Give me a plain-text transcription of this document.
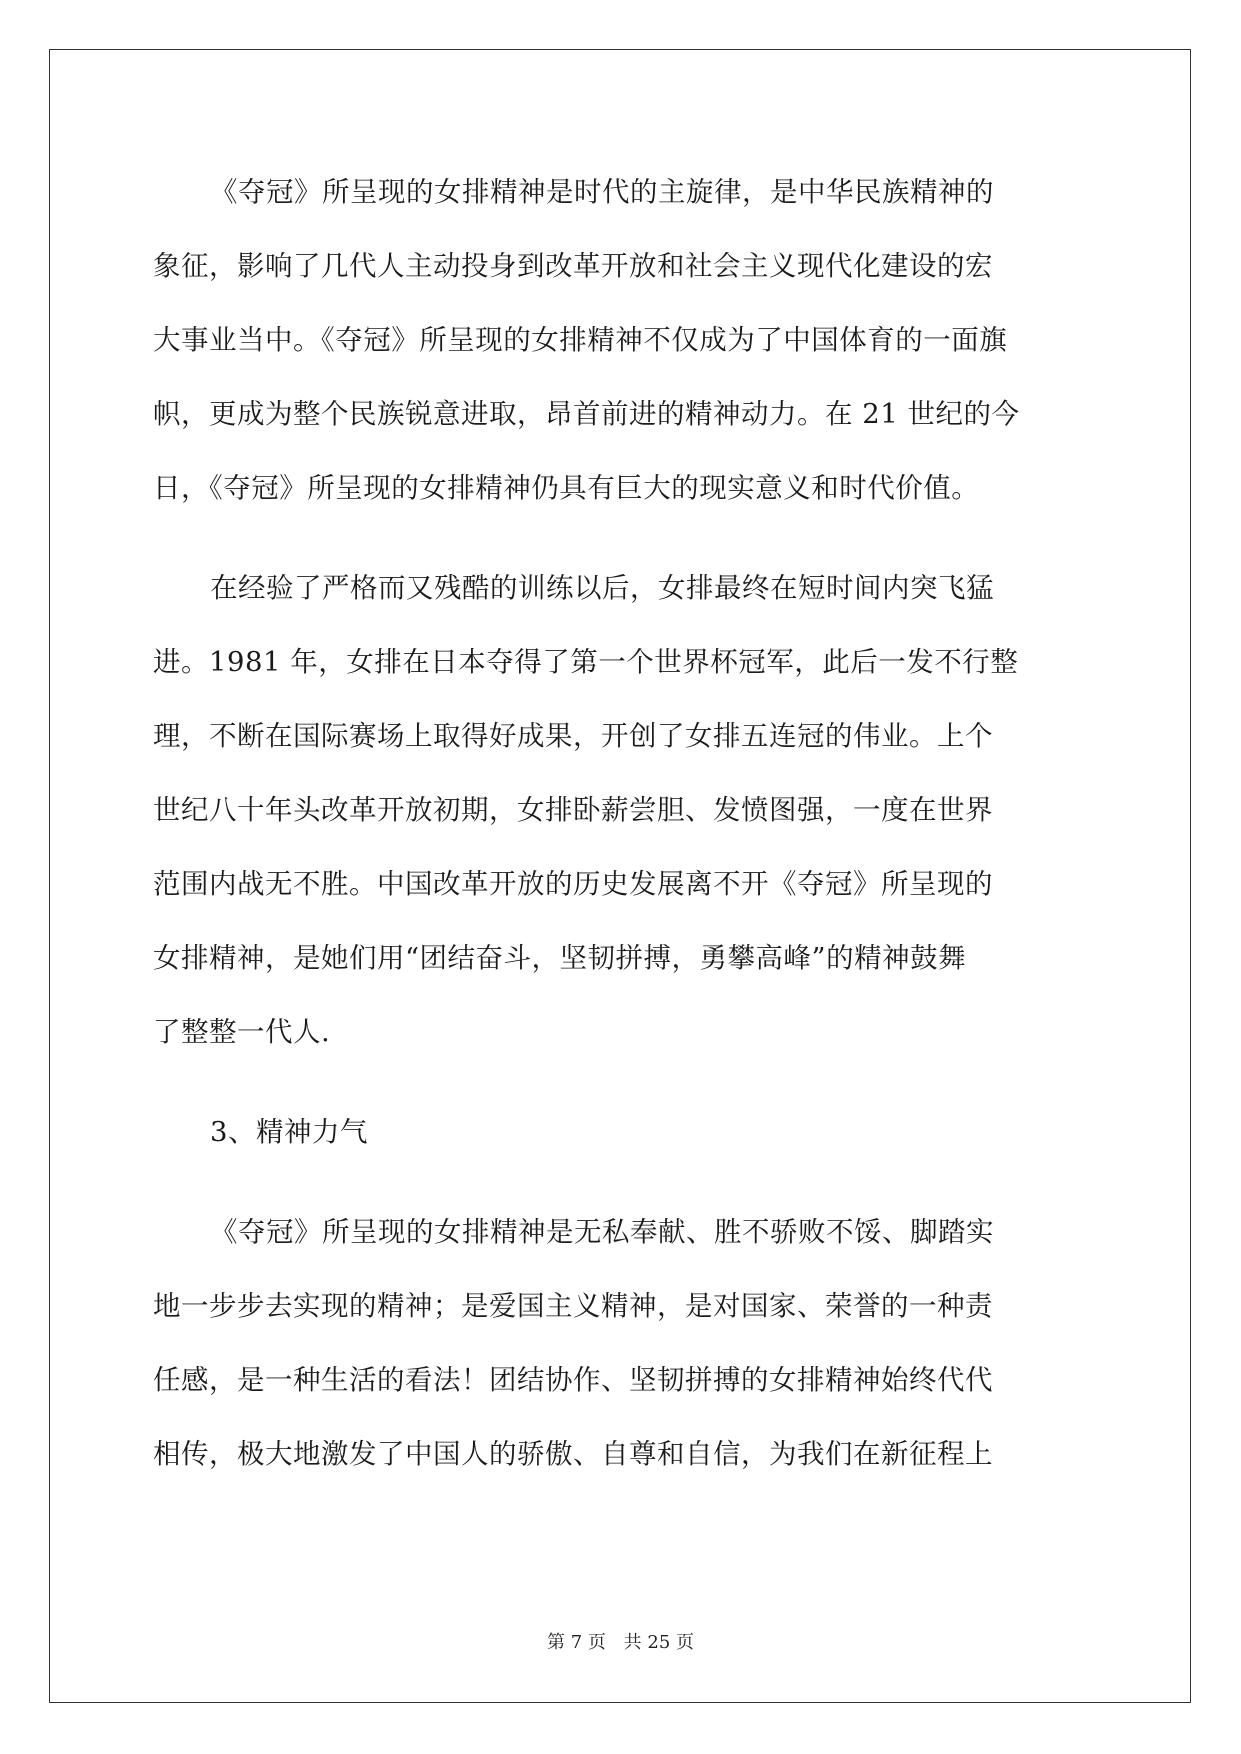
《夺冠》所呈现的女排精神是时代的主旋律，是中华民族精神的
象征，影响了几代人主动投身到改革开放和社会主义现代化建设的宏
大事业当中。《夺冠》所呈现的女排精神不仅成为了中国体育的一面旗
帜，更成为整个民族锐意进取，昂首前进的精神动力。在 21 世纪的今
日，《夺冠》所呈现的女排精神仍具有巨大的现实意义和时代价值。
在经验了严格而又残酷的训练以后，女排最终在短时间内突飞猛
进。1981 年，女排在日本夺得了第一个世界杯冠军，此后一发不行整
理，不断在国际赛场上取得好成果，开创了女排五连冠的伟业。上个
世纪八十年头改革开放初期，女排卧薪尝胆、发愤图强，一度在世界
范围内战无不胜。中国改革开放的历史发展离不开《夺冠》所呈现的
女排精神，是她们用“团结奋斗，坚韧拼搏，勇攀高峰”的精神鼓舞
了整整一代人.
3、精神力气
《夺冠》所呈现的女排精神是无私奉献、胜不骄败不馁、脚踏实
地一步步去实现的精神；是爱国主义精神，是对国家、荣誉的一种责
任感，是一种生活的看法！团结协作、坚韧拼搏的女排精神始终代代
相传，极大地激发了中国人的骄傲、自尊和自信，为我们在新征程上
第 7 页 共 25 页
